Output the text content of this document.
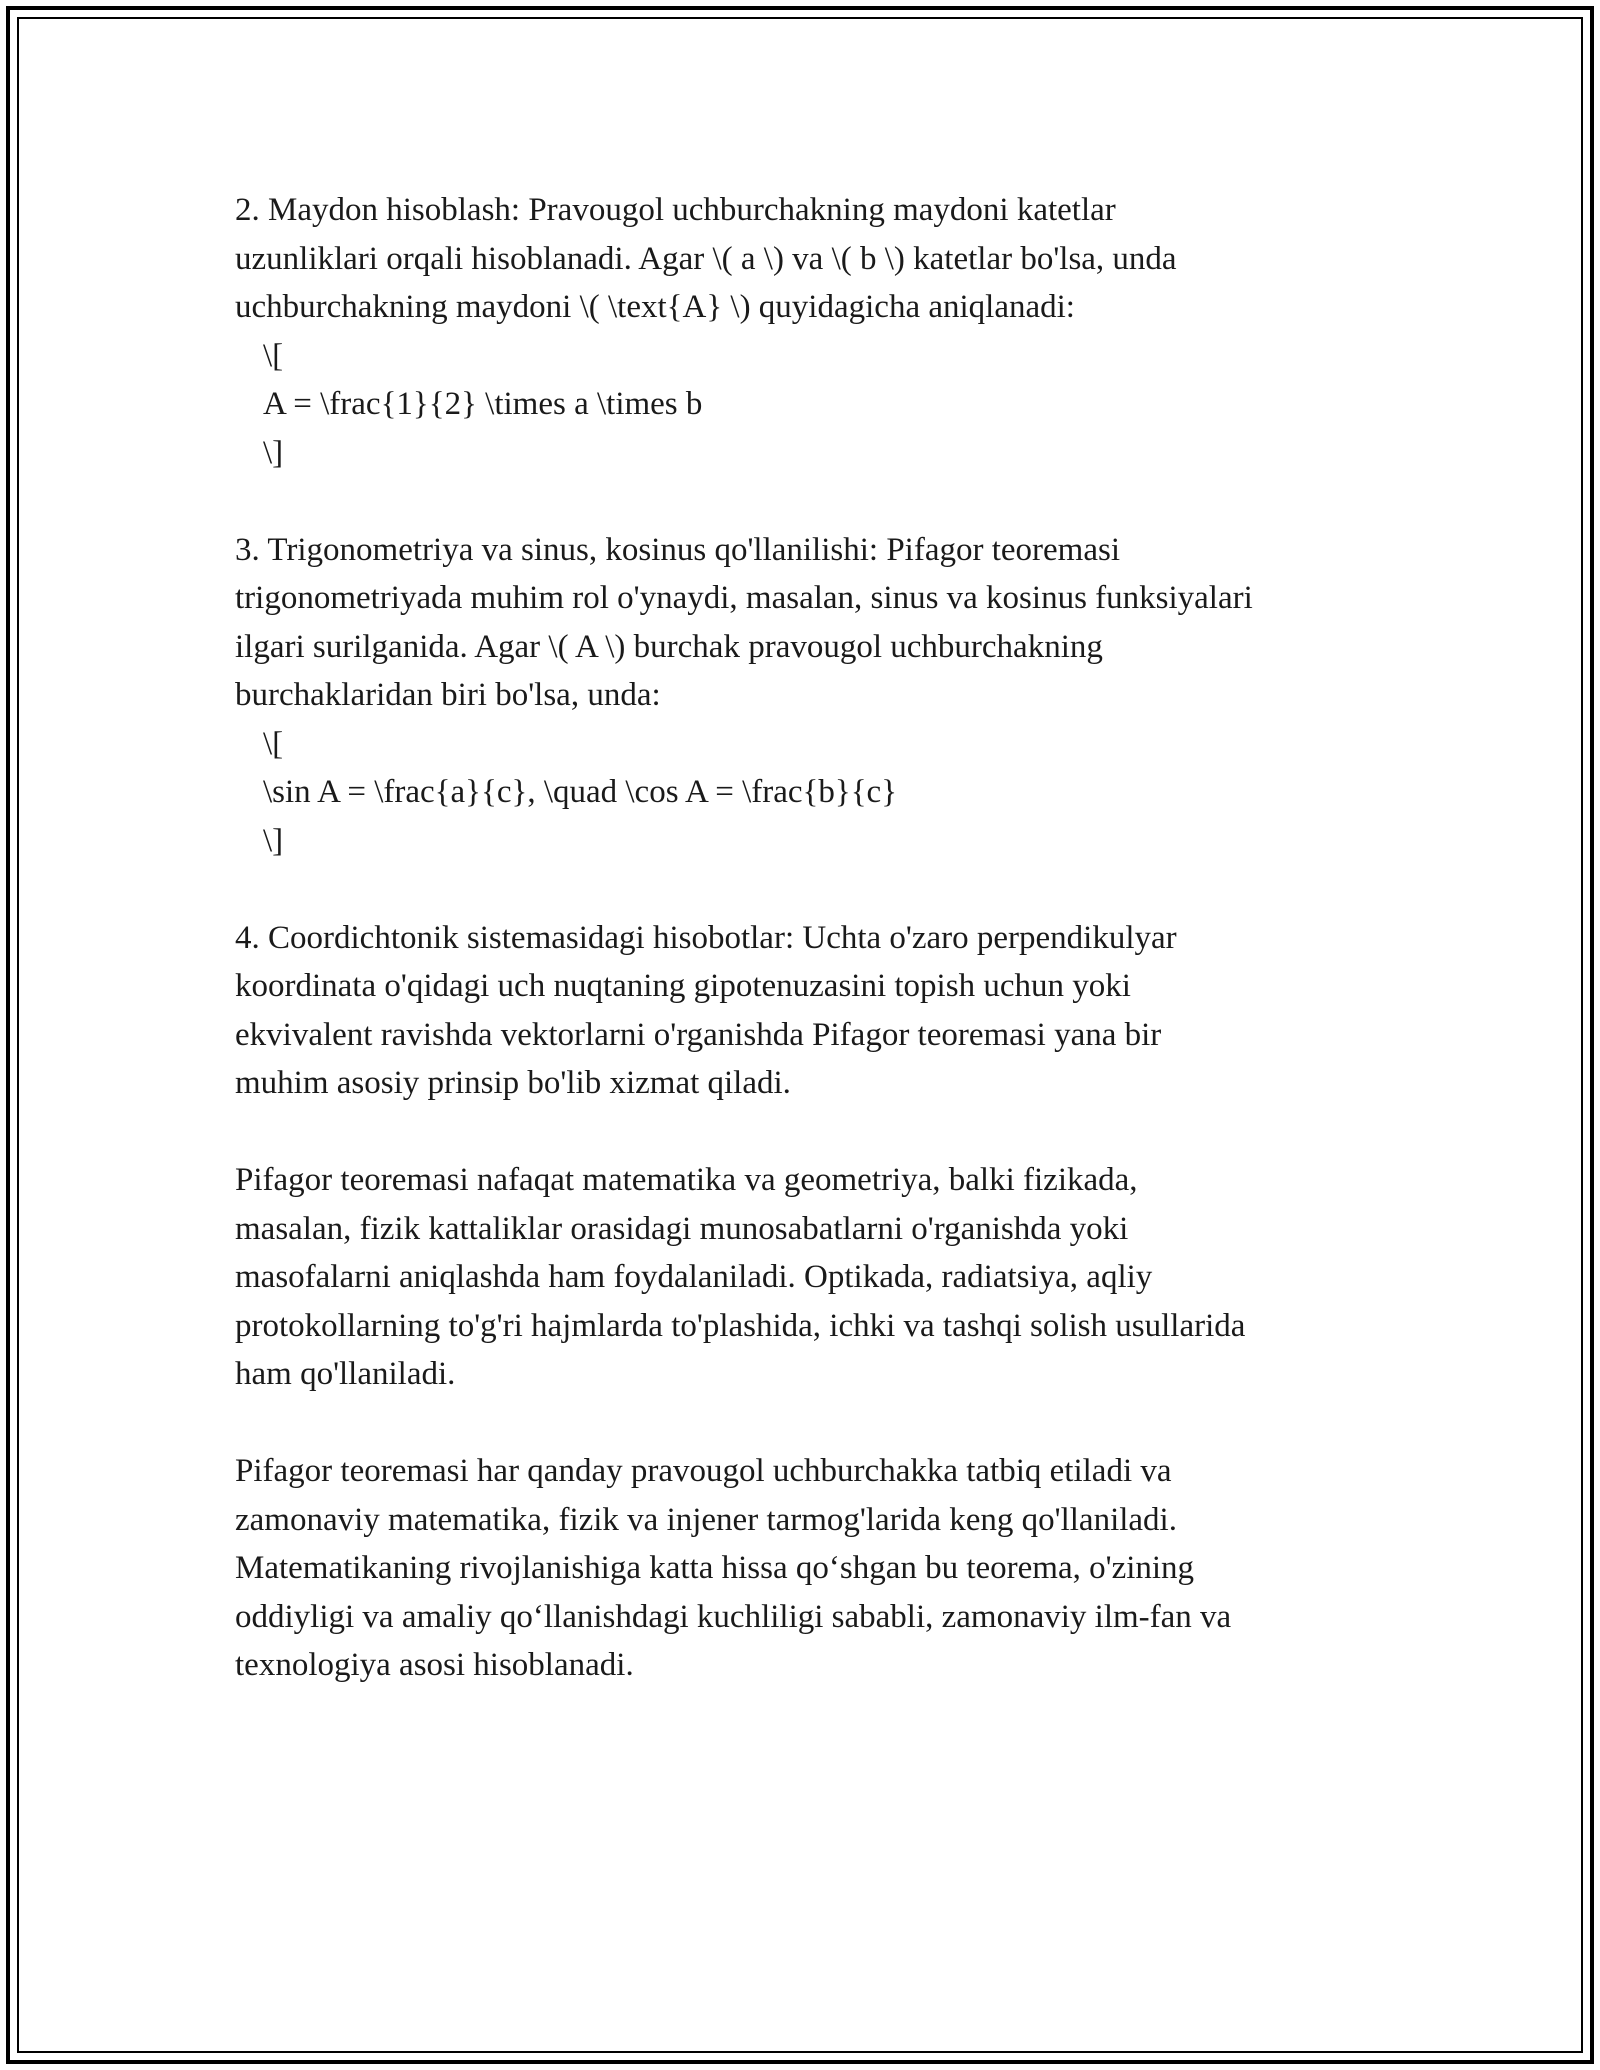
2. Maydon hisoblash: Pravougol uchburchakning maydoni katetlar
uzunliklari orqali hisoblanadi. Agar \( a \) va \( b \) katetlar bo'lsa, unda
uchburchakning maydoni \( \text{A} \) quyidagicha aniqlanadi:
\[
A = \frac{1}{2} \times a \times b
\]
3. Trigonometriya va sinus, kosinus qo'llanilishi: Pifagor teoremasi
trigonometriyada muhim rol o'ynaydi, masalan, sinus va kosinus funksiyalari
ilgari surilganida. Agar \( A \) burchak pravougol uchburchakning
burchaklaridan biri bo'lsa, unda:
\[
\sin A = \frac{a}{c}, \quad \cos A = \frac{b}{c}
\]
4. Coordichtonik sistemasidagi hisobotlar: Uchta o'zaro perpendikulyar
koordinata o'qidagi uch nuqtaning gipotenuzasini topish uchun yoki
ekvivalent ravishda vektorlarni o'rganishda Pifagor teoremasi yana bir
muhim asosiy prinsip bo'lib xizmat qiladi.
Pifagor teoremasi nafaqat matematika va geometriya, balki fizikada,
masalan, fizik kattaliklar orasidagi munosabatlarni o'rganishda yoki
masofalarni aniqlashda ham foydalaniladi. Optikada, radiatsiya, aqliy
protokollarning to'g'ri hajmlarda to'plashida, ichki va tashqi solish usullarida
ham qo'llaniladi.
Pifagor teoremasi har qanday pravougol uchburchakka tatbiq etiladi va
zamonaviy matematika, fizik va injener tarmog'larida keng qo'llaniladi.
Matematikaning rivojlanishiga katta hissa qo‘shgan bu teorema, o'zining
oddiyligi va amaliy qo‘llanishdagi kuchliligi sababli, zamonaviy ilm-fan va
texnologiya asosi hisoblanadi.
